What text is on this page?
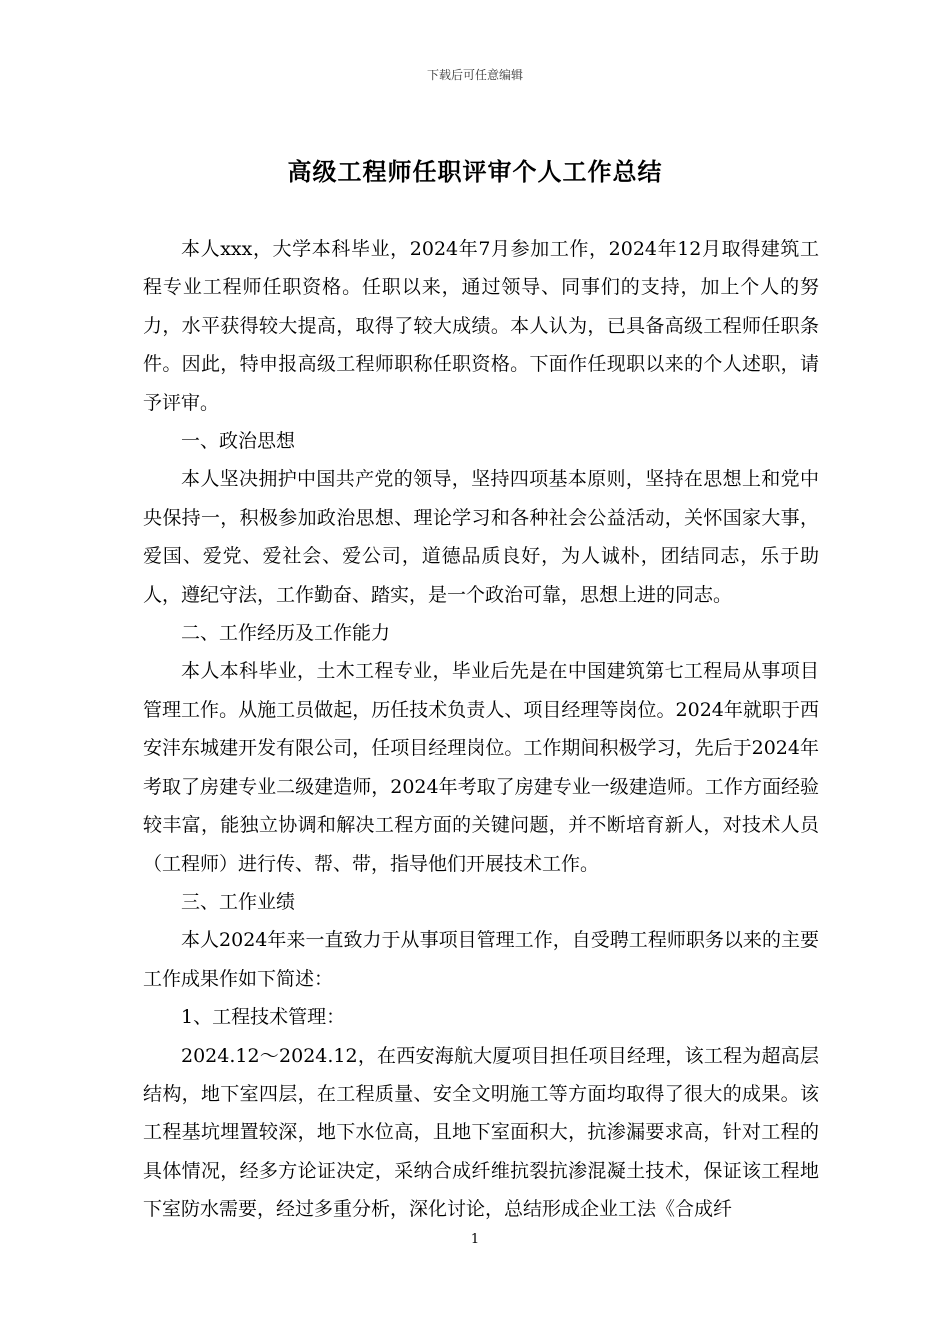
下载后可任意编辑
高级工程师任职评审个人工作总结

本人xxx，大学本科毕业，2024年7月参加工作，2024年12月取得建筑工程专业工程师任职资格。任职以来，通过领导、同事们的支持，加上个人的努力，水平获得较大提高，取得了较大成绩。本人认为，已具备高级工程师任职条件。因此，特申报高级工程师职称任职资格。下面作任现职以来的个人述职，请予评审。

一、政治思想

本人坚决拥护中国共产党的领导，坚持四项基本原则，坚持在思想上和党中央保持一，积极参加政治思想、理论学习和各种社会公益活动，关怀国家大事，爱国、爱党、爱社会、爱公司，道德品质良好，为人诚朴，团结同志，乐于助人，遵纪守法，工作勤奋、踏实，是一个政治可靠，思想上进的同志。

二、工作经历及工作能力

本人本科毕业，土木工程专业，毕业后先是在中国建筑第七工程局从事项目管理工作。从施工员做起，历任技术负责人、项目经理等岗位。2024年就职于西安沣东城建开发有限公司，任项目经理岗位。工作期间积极学习，先后于2024年考取了房建专业二级建造师，2024年考取了房建专业一级建造师。工作方面经验较丰富，能独立协调和解决工程方面的关键问题，并不断培育新人，对技术人员（工程师）进行传、帮、带，指导他们开展技术工作。

三、工作业绩

本人2024年来一直致力于从事项目管理工作，自受聘工程师职务以来的主要工作成果作如下简述：

1、工程技术管理：

2024.12～2024.12，在西安海航大厦项目担任项目经理，该工程为超高层结构，地下室四层，在工程质量、安全文明施工等方面均取得了很大的成果。该工程基坑埋置较深，地下水位高，且地下室面积大，抗渗漏要求高，针对工程的具体情况，经多方论证决定，采纳合成纤维抗裂抗渗混凝土技术，保证该工程地下室防水需要，经过多重分析，深化讨论，总结形成企业工法《合成纤

1
